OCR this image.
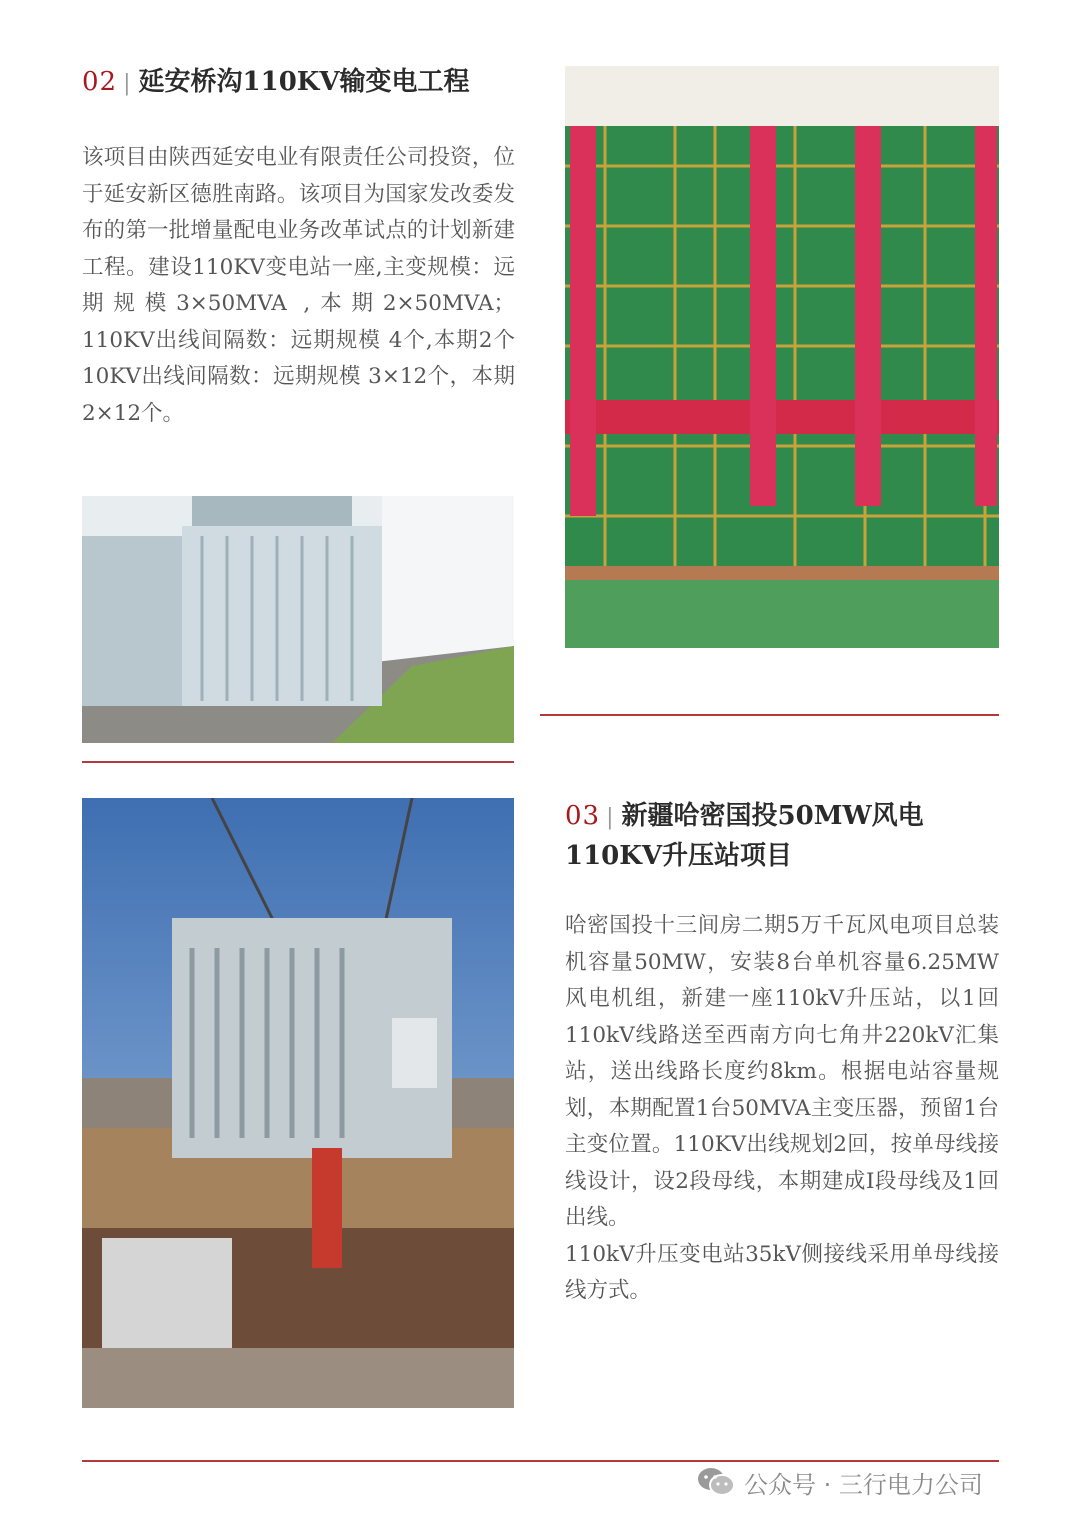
02 | 延安桥沟110KV输变电工程

该项目由陕西延安电业有限责任公司投资，位于延安新区德胜南路。该项目为国家发改委发布的第一批增量配电业务改革试点的计划新建工程。建设110KV变电站一座,主变规模：远期规模3×50MVA ,本期2×50MVA；110KV出线间隔数：远期规模 4个,本期2个10KV出线间隔数：远期规模 3×12个，本期2×12个。

03 | 新疆哈密国投50MW风电
110KV升压站项目

哈密国投十三间房二期5万千瓦风电项目总装机容量50MW，安装8台单机容量6.25MW风电机组，新建一座110kV升压站，以1回110kV线路送至西南方向七角井220kV汇集站，送出线路长度约8km。根据电站容量规划，本期配置1台50MVA主变压器，预留1台主变位置。110KV出线规划2回，按单母线接线设计，设2段母线，本期建成Ⅰ段母线及1回出线。

110kV升压变电站35kV侧接线采用单母线接线方式。

公众号 · 三行电力公司
